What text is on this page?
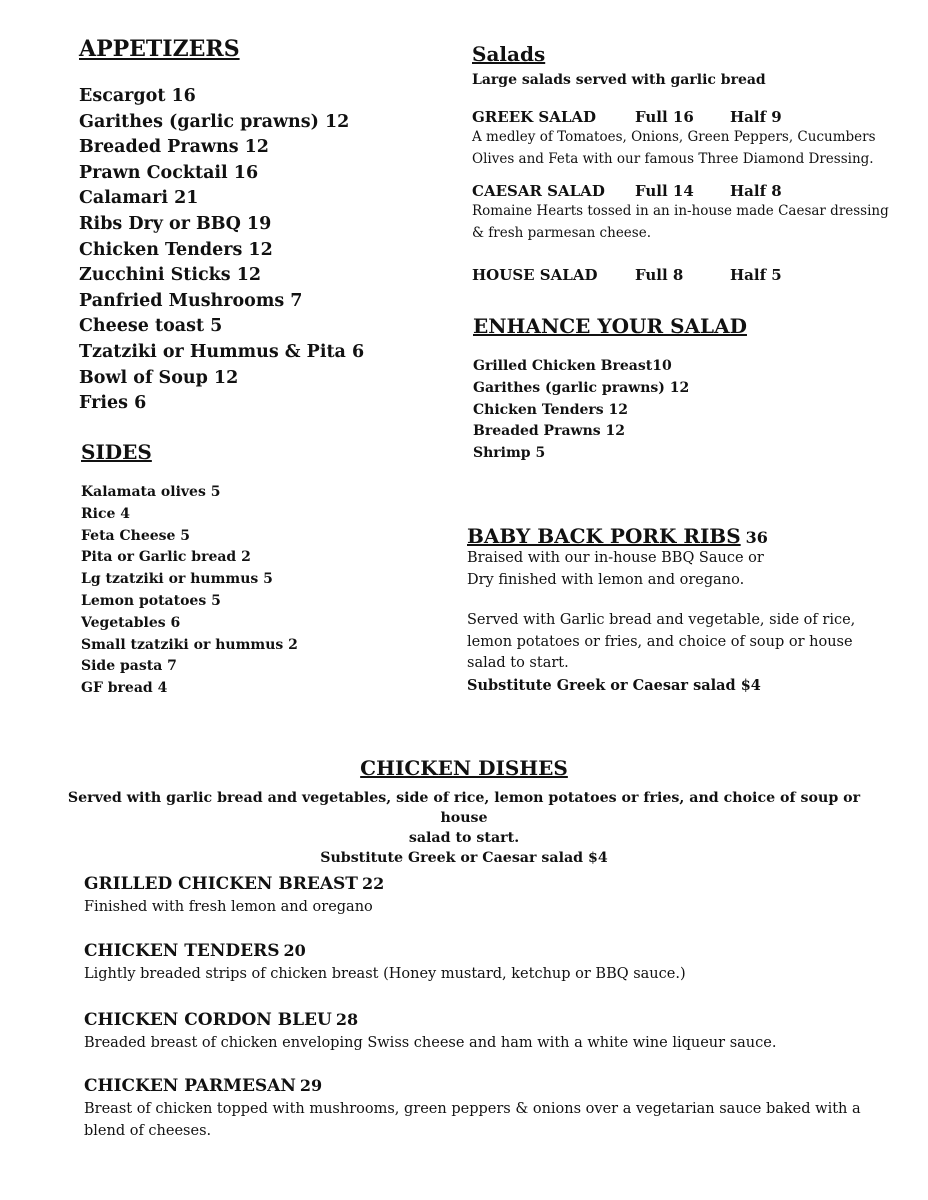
APPETIZERS
Escargot 16
Garithes (garlic prawns) 12
Breaded Prawns 12
Prawn Cocktail 16
Calamari 21
Ribs Dry or BBQ 19
Chicken Tenders 12
Zucchini Sticks 12
Panfried Mushrooms 7
Cheese toast 5
Tzatziki or Hummus & Pita 6
Bowl of Soup 12
Fries 6
SIDES
Kalamata olives 5
Rice 4
Feta Cheese 5
Pita or Garlic bread 2
Lg tzatziki or hummus 5
Lemon potatoes 5
Vegetables 6
Small tzatziki or hummus 2
Side pasta 7
GF bread 4
Salads
Large salads served with garlic bread
GREEK SALAD	Full 16 Half 9
A medley of Tomatoes, Onions, Green Peppers, Cucumbers
Olives and Feta with our famous Three Diamond Dressing.
CAESAR SALAD Full 14 Half 8
Romaine Hearts tossed in an in-house made Caesar dressing
& fresh parmesan cheese.
HOUSE SALAD	Full 8	Half 5
ENHANCE YOUR SALAD
Grilled Chicken Breast10
Garithes (garlic prawns) 12
Chicken Tenders 12
Breaded Prawns 12
Shrimp 5
BABY BACK PORK RIBS 36
Braised with our in-house BBQ Sauce or
Dry finished with lemon and oregano.
Served with Garlic bread and vegetable, side of rice,
lemon potatoes or fries, and choice of soup or house
salad to start.
Substitute Greek or Caesar salad $4
CHICKEN DISHES
Served with garlic bread and vegetables, side of rice, lemon potatoes or fries, and choice of soup or house
salad to start.
Substitute Greek or Caesar salad $4
GRILLED CHICKEN BREAST 22
Finished with fresh lemon and oregano
CHICKEN TENDERS 20
Lightly breaded strips of chicken breast (Honey mustard, ketchup or BBQ sauce.)
CHICKEN CORDON BLEU 28
Breaded breast of chicken enveloping Swiss cheese and ham with a white wine liqueur sauce.
CHICKEN PARMESAN 29
Breast of chicken topped with mushrooms, green peppers & onions over a vegetarian sauce baked with a
blend of cheeses.
